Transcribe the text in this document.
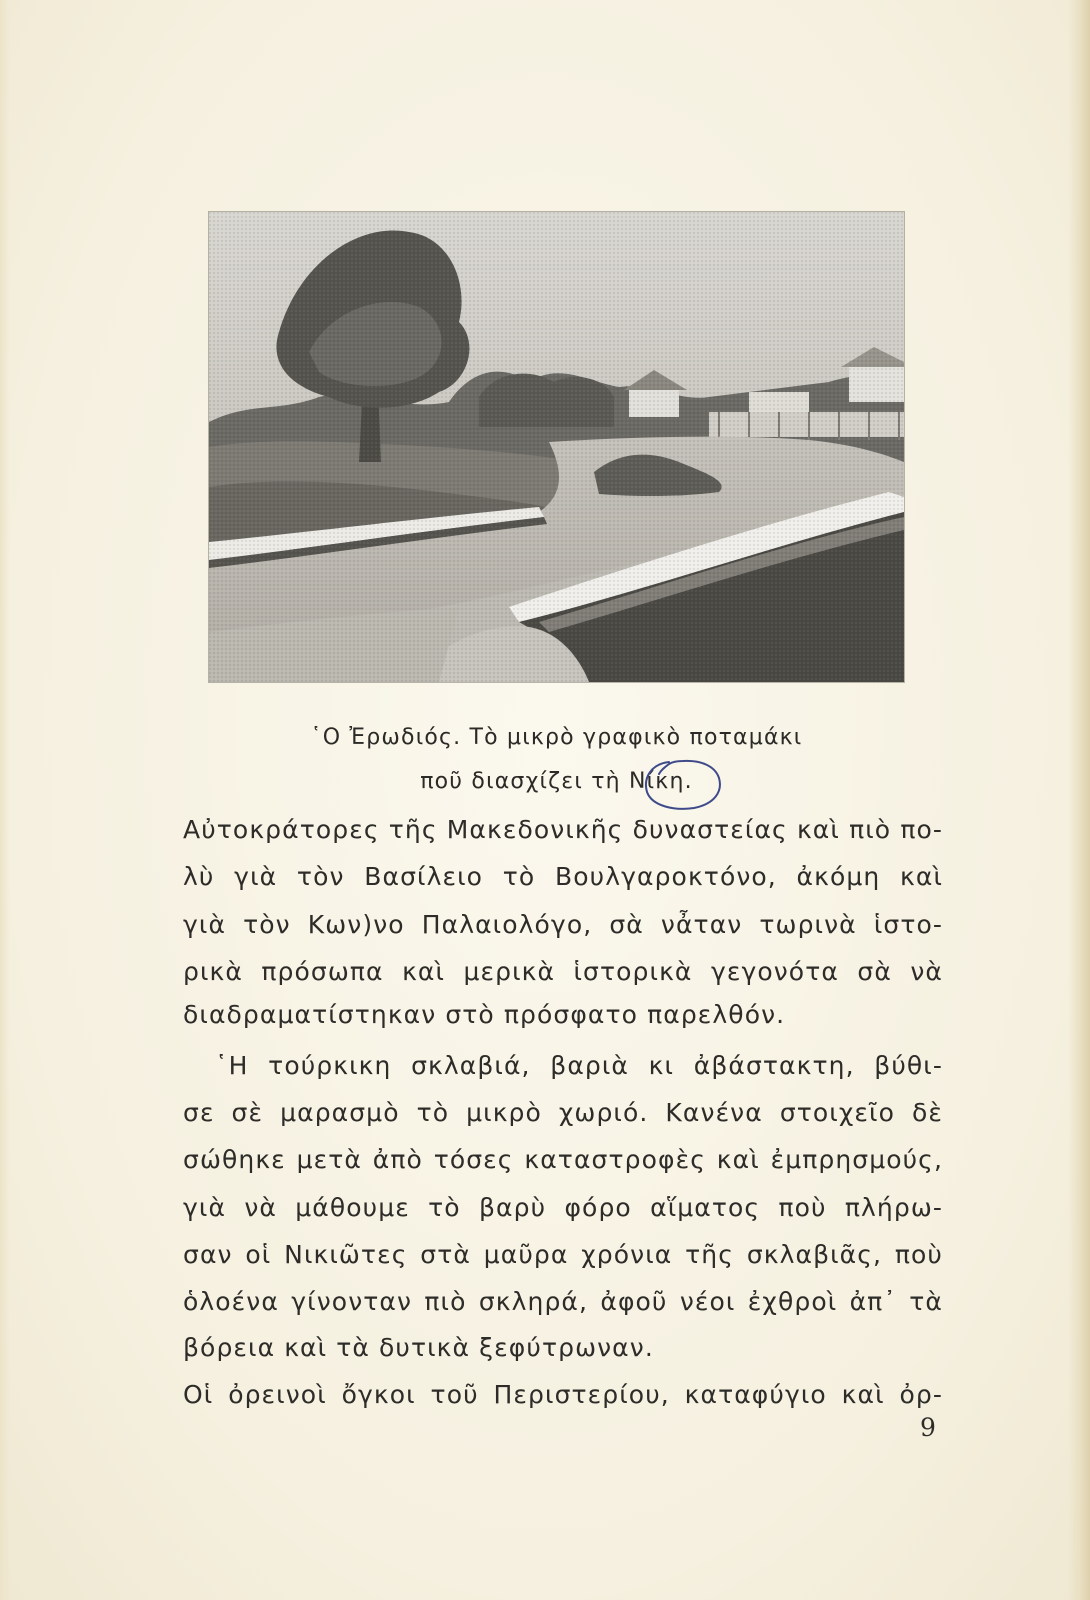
῾Ο Ἐρωδιός. Τὸ μικρὸ γραφικὸ ποταμάκι
ποῦ διασχίζει τὴ Νίκη.
Αὐτοκράτορες τῆς Μακεδονικῆς δυναστείας καὶ πιὸ πο-
λὺ γιὰ τὸν Βασίλειο τὸ Βουλγαροκτόνο, ἀκόμη καὶ
γιὰ τὸν Κων)νο Παλαιολόγο, σὰ νἆταν τωρινὰ ἱστο-
ρικὰ πρόσωπα καὶ μερικὰ ἱστορικὰ γεγονότα σὰ νὰ
διαδραματίστηκαν στὸ πρόσφατο παρελθόν.
῾Η τούρκικη σκλαβιά, βαριὰ κι ἀβάστακτη, βύθι-
σε σὲ μαρασμὸ τὸ μικρὸ χωριό. Κανένα στοιχεῖο δὲ
σώθηκε μετὰ ἀπὸ τόσες καταστροφὲς καὶ ἐμπρησμούς,
γιὰ νὰ μάθουμε τὸ βαρὺ φόρο αἵματος ποὺ πλήρω-
σαν οἱ Νικιῶτες στὰ μαῦρα χρόνια τῆς σκλαβιᾶς, ποὺ
ὁλοένα γίνονταν πιὸ σκληρά, ἀφοῦ νέοι ἐχθροὶ ἀπ᾿ τὰ
βόρεια καὶ τὰ δυτικὰ ξεφύτρωναν.
Οἱ ὀρεινοὶ ὄγκοι τοῦ Περιστερίου, καταφύγιο καὶ ὀρ-
9
